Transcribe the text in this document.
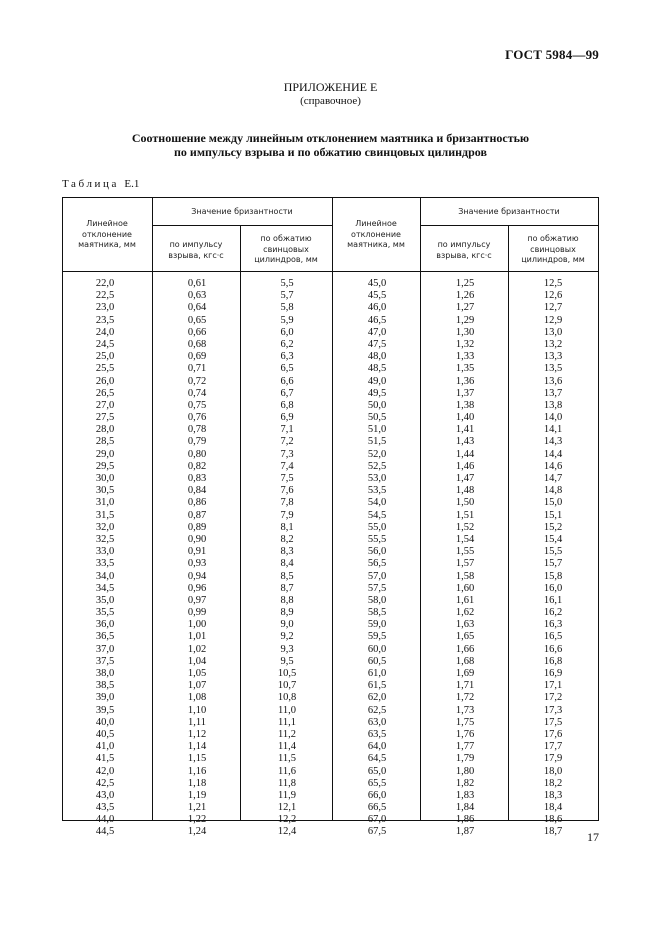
ГОСТ 5984—99
ПРИЛОЖЕНИЕ Е
(справочное)
Соотношение между линейным отклонением маятника и бризантностью
по импульсу взрыва и по обжатию свинцовых цилиндров
Таблица Е.1
Линейное
отклонение
маятника, мм
Значение бризантности
по импульсу
взрыва, кгс·с
по обжатию
свинцовых
цилиндров, мм
Линейное
отклонение
маятника, мм
Значение бризантности
по импульсу
взрыва, кгс·с
по обжатию
свинцовых
цилиндров, мм
22,0
22,5
23,0
23,5
24,0
24,5
25,0
25,5
26,0
26,5
27,0
27,5
28,0
28,5
29,0
29,5
30,0
30,5
31,0
31,5
32,0
32,5
33,0
33,5
34,0
34,5
35,0
35,5
36,0
36,5
37,0
37,5
38,0
38,5
39,0
39,5
40,0
40,5
41,0
41,5
42,0
42,5
43,0
43,5
44,0
44,5
0,61
0,63
0,64
0,65
0,66
0,68
0,69
0,71
0,72
0,74
0,75
0,76
0,78
0,79
0,80
0,82
0,83
0,84
0,86
0,87
0,89
0,90
0,91
0,93
0,94
0,96
0,97
0,99
1,00
1,01
1,02
1,04
1,05
1,07
1,08
1,10
1,11
1,12
1,14
1,15
1,16
1,18
1,19
1,21
1,22
1,24
5,5
5,7
5,8
5,9
6,0
6,2
6,3
6,5
6,6
6,7
6,8
6,9
7,1
7,2
7,3
7,4
7,5
7,6
7,8
7,9
8,1
8,2
8,3
8,4
8,5
8,7
8,8
8,9
9,0
9,2
9,3
9,5
10,5
10,7
10,8
11,0
11,1
11,2
11,4
11,5
11,6
11,8
11,9
12,1
12,2
12,4
45,0
45,5
46,0
46,5
47,0
47,5
48,0
48,5
49,0
49,5
50,0
50,5
51,0
51,5
52,0
52,5
53,0
53,5
54,0
54,5
55,0
55,5
56,0
56,5
57,0
57,5
58,0
58,5
59,0
59,5
60,0
60,5
61,0
61,5
62,0
62,5
63,0
63,5
64,0
64,5
65,0
65,5
66,0
66,5
67,0
67,5
1,25
1,26
1,27
1,29
1,30
1,32
1,33
1,35
1,36
1,37
1,38
1,40
1,41
1,43
1,44
1,46
1,47
1,48
1,50
1,51
1,52
1,54
1,55
1,57
1,58
1,60
1,61
1,62
1,63
1,65
1,66
1,68
1,69
1,71
1,72
1,73
1,75
1,76
1,77
1,79
1,80
1,82
1,83
1,84
1,86
1,87
12,5
12,6
12,7
12,9
13,0
13,2
13,3
13,5
13,6
13,7
13,8
14,0
14,1
14,3
14,4
14,6
14,7
14,8
15,0
15,1
15,2
15,4
15,5
15,7
15,8
16,0
16,1
16,2
16,3
16,5
16,6
16,8
16,9
17,1
17,2
17,3
17,5
17,6
17,7
17,9
18,0
18,2
18,3
18,4
18,6
18,7	17
